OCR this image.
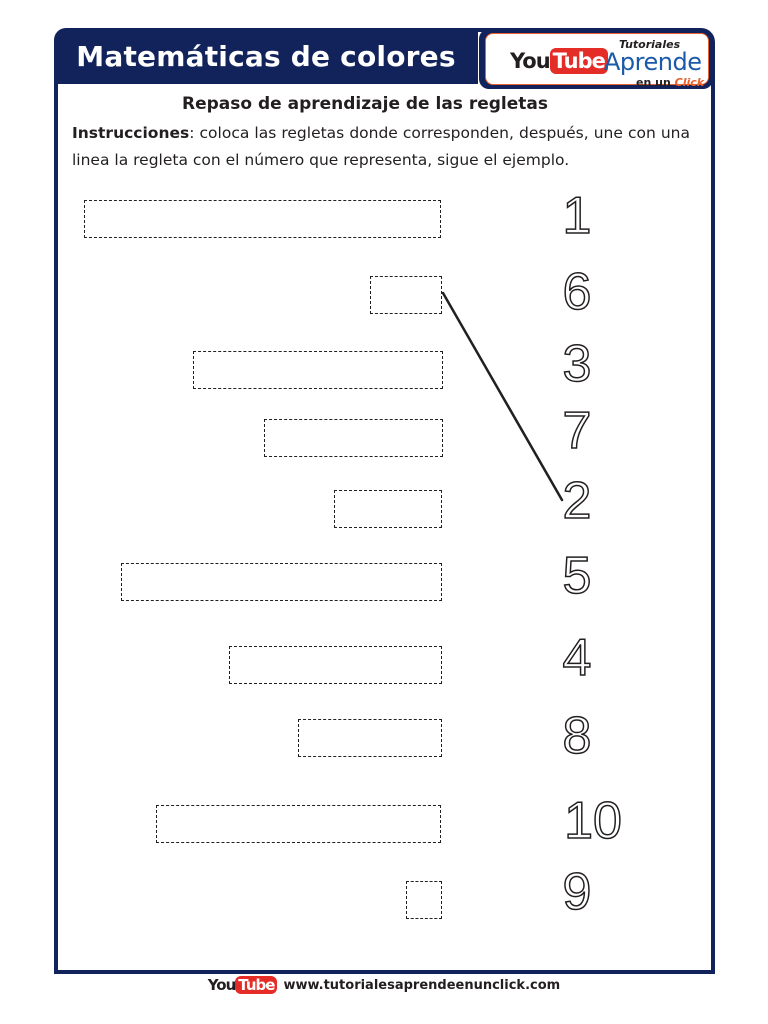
Matemáticas de colores	You Tube
Tutoriales
Aprende
en un Click
Repaso de aprendizaje de las regletas
Instrucciones: coloca las regletas donde corresponden, después, une con una linea la regleta con el número que representa, sigue el ejemplo.
1
6
3
7
2
5
4
8
10
9
You Tube www.tutorialesaprendeenunclick.com
